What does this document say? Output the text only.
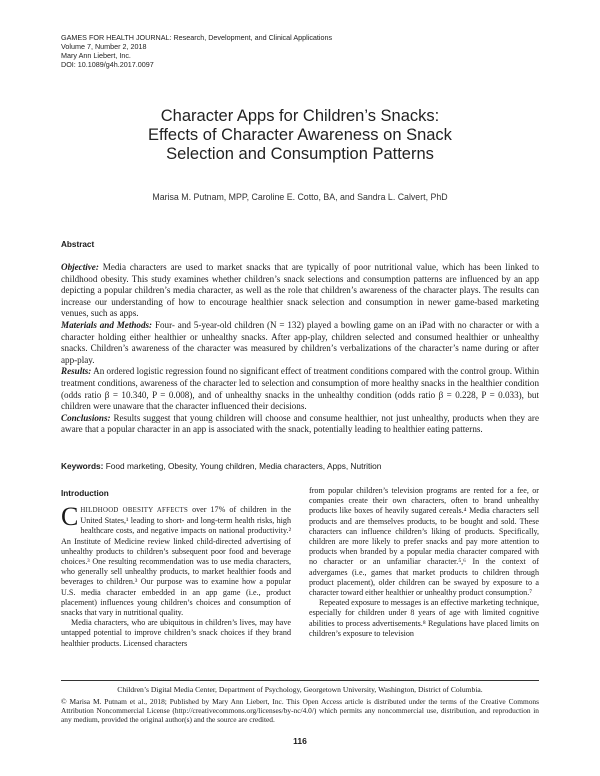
GAMES FOR HEALTH JOURNAL: Research, Development, and Clinical Applications
Volume 7, Number 2, 2018
Mary Ann Liebert, Inc.
DOI: 10.1089/g4h.2017.0097
Character Apps for Children’s Snacks:
Effects of Character Awareness on Snack
Selection and Consumption Patterns
Marisa M. Putnam, MPP, Caroline E. Cotto, BA, and Sandra L. Calvert, PhD
Abstract

Objective: Media characters are used to market snacks that are typically of poor nutritional value, which has been linked to childhood obesity. This study examines whether children’s snack selections and consumption patterns are influenced by an app depicting a popular children’s media character, as well as the role that children’s awareness of the character plays. The results can increase our understanding of how to encourage healthier snack selection and consumption in newer game-based marketing venues, such as apps.

Materials and Methods: Four- and 5-year-old children (N = 132) played a bowling game on an iPad with no character or with a character holding either healthier or unhealthy snacks. After app-play, children selected and consumed healthier or unhealthy snacks. Children’s awareness of the character was measured by children’s verbalizations of the character’s name during or after app-play.

Results: An ordered logistic regression found no significant effect of treatment conditions compared with the control group. Within treatment conditions, awareness of the character led to selection and consumption of more healthy snacks in the healthier condition (odds ratio β = 10.340, P = 0.008), and of unhealthy snacks in the unhealthy condition (odds ratio β = 0.228, P = 0.033), but children were unaware that the character influenced their decisions.

Conclusions: Results suggest that young children will choose and consume healthier, not just unhealthy, products when they are aware that a popular character in an app is associated with the snack, potentially leading to healthier eating patterns.

Keywords: Food marketing, Obesity, Young children, Media characters, Apps, Nutrition
Introduction

CHILDHOOD OBESITY AFFECTS over 17% of children in the United States,¹ leading to short- and long-term health risks, high healthcare costs, and negative impacts on national productivity.² An Institute of Medicine review linked child-directed advertising of unhealthy products to children’s subsequent poor food and beverage choices.³ One resulting recommendation was to use media characters, who generally sell unhealthy products, to market healthier foods and beverages to children.³ Our purpose was to examine how a popular U.S. media character embedded in an app game (i.e., product placement) influences young children’s choices and consumption of snacks that vary in nutritional quality.

Media characters, who are ubiquitous in children’s lives, may have untapped potential to improve children’s snack choices if they brand healthier products. Licensed characters

from popular children’s television programs are rented for a fee, or companies create their own characters, often to brand unhealthy products like boxes of heavily sugared cereals.⁴ Media characters sell products and are themselves products, to be bought and sold. These characters can influence children’s liking of products. Specifically, children are more likely to prefer snacks and pay more attention to products when branded by a popular media character compared with no character or an unfamiliar character.⁵,⁶ In the context of advergames (i.e., games that market products to children through product placement), older children can be swayed by exposure to a character toward either healthier or unhealthy product consumption.⁷

Repeated exposure to messages is an effective marketing technique, especially for children under 8 years of age with limited cognitive abilities to process advertisements.⁸ Regulations have placed limits on children’s exposure to television

Children’s Digital Media Center, Department of Psychology, Georgetown University, Washington, District of Columbia.
© Marisa M. Putnam et al., 2018; Published by Mary Ann Liebert, Inc. This Open Access article is distributed under the terms of the Creative Commons Attribution Noncommercial License (http://creativecommons.org/licenses/by-nc/4.0/) which permits any noncommercial use, distribution, and reproduction in any medium, provided the original author(s) and the source are credited.
116
